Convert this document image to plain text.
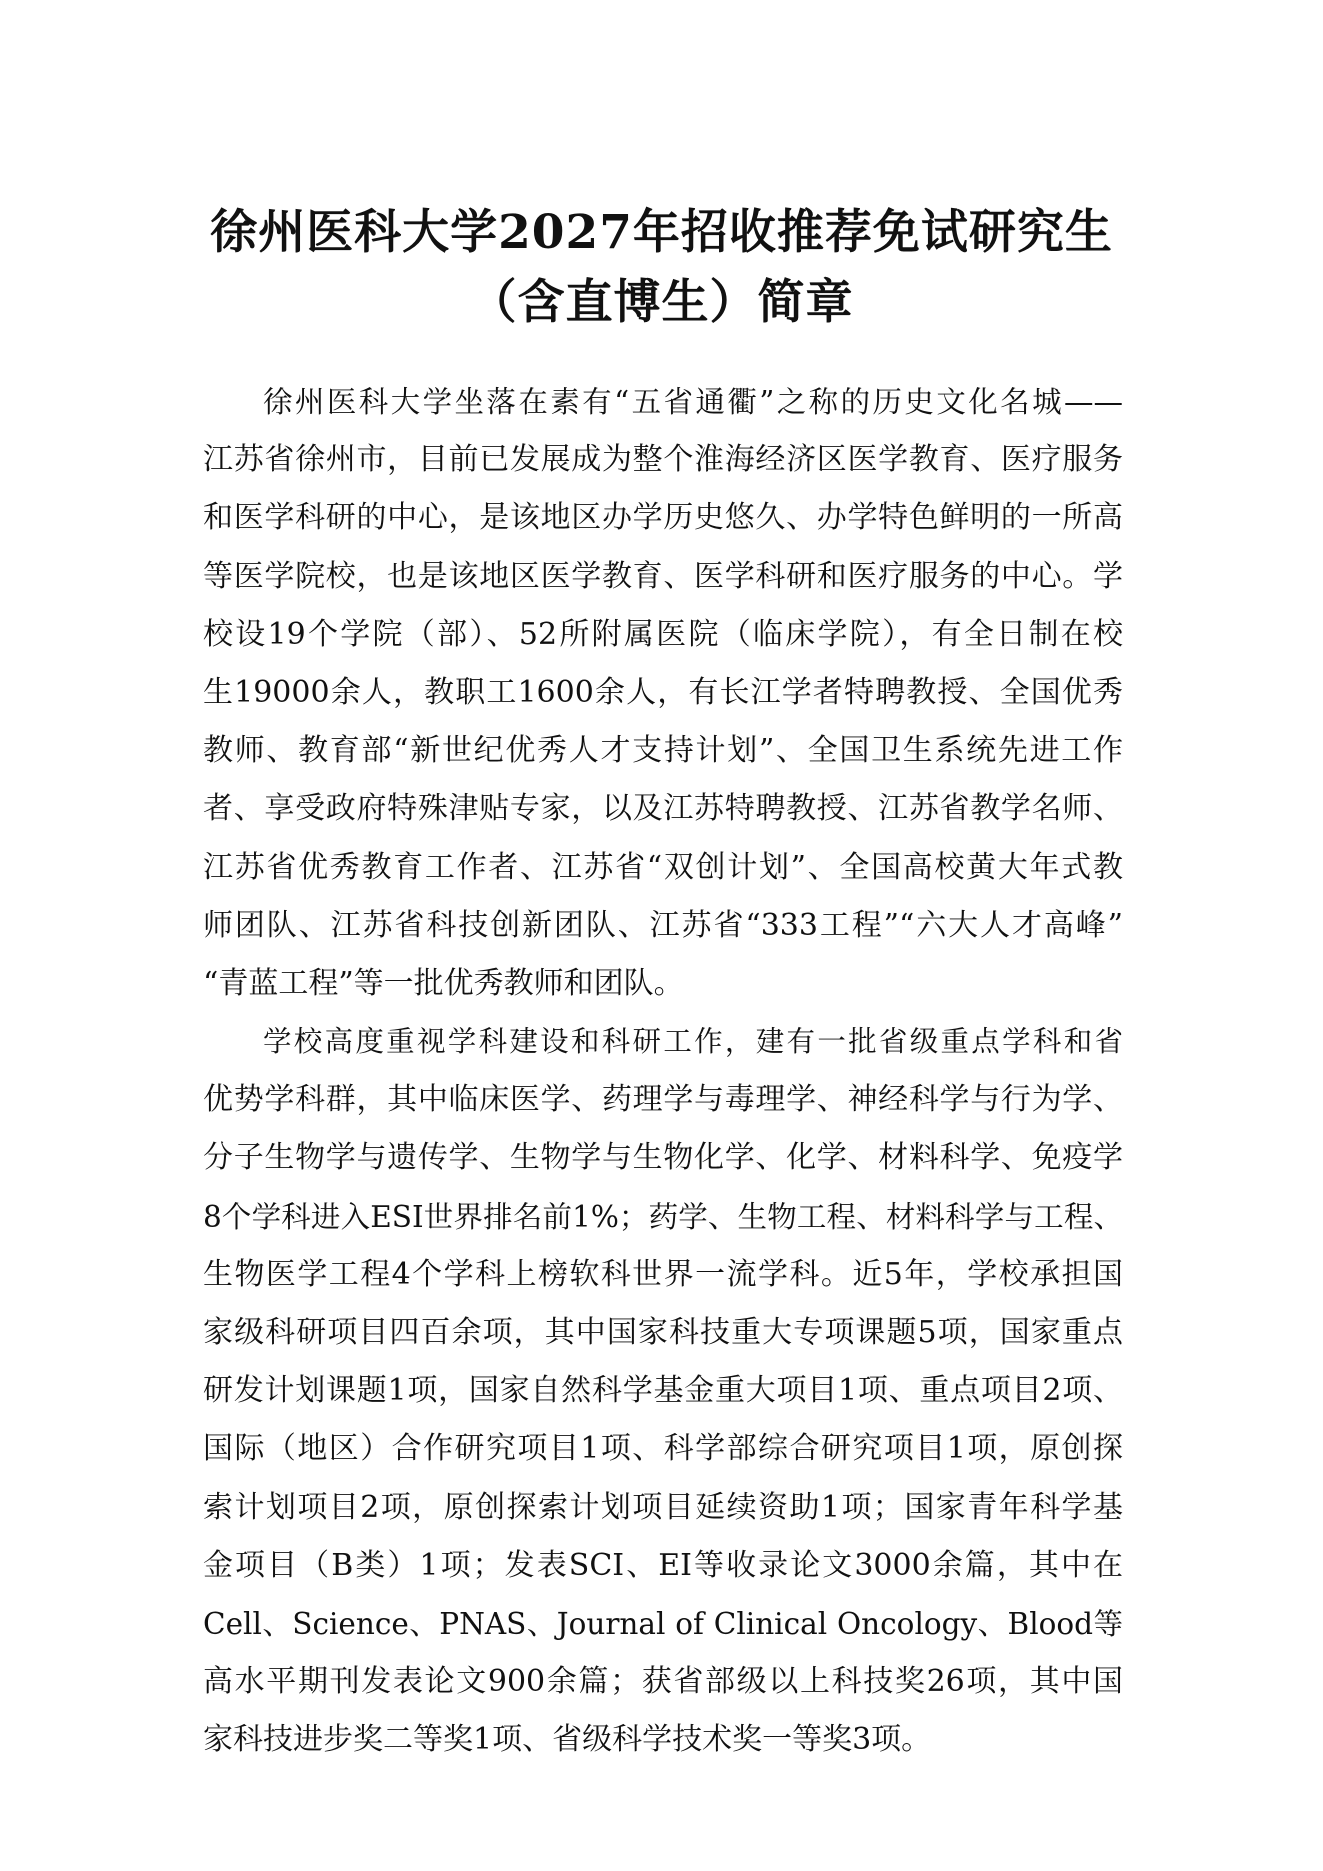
徐州医科大学2027年招收推荐免试研究生
（含直博生）简章
徐州医科大学坐落在素有“五省通衢”之称的历史文化名城——
江苏省徐州市，目前已发展成为整个淮海经济区医学教育、医疗服务
和医学科研的中心，是该地区办学历史悠久、办学特色鲜明的一所高
等医学院校，也是该地区医学教育、医学科研和医疗服务的中心。学
校设19个学院（部）、52所附属医院（临床学院），有全日制在校
生19000余人，教职工1600余人，有长江学者特聘教授、全国优秀
教师、教育部“新世纪优秀人才支持计划”、全国卫生系统先进工作
者、享受政府特殊津贴专家，以及江苏特聘教授、江苏省教学名师、
江苏省优秀教育工作者、江苏省“双创计划”、全国高校黄大年式教
师团队、江苏省科技创新团队、江苏省“333工程”“六大人才高峰”
“青蓝工程”等一批优秀教师和团队。
学校高度重视学科建设和科研工作，建有一批省级重点学科和省
优势学科群，其中临床医学、药理学与毒理学、神经科学与行为学、
分子生物学与遗传学、生物学与生物化学、化学、材料科学、免疫学
8个学科进入ESI世界排名前1%；药学、生物工程、材料科学与工程、
生物医学工程4个学科上榜软科世界一流学科。近5年，学校承担国
家级科研项目四百余项，其中国家科技重大专项课题5项，国家重点
研发计划课题1项，国家自然科学基金重大项目1项、重点项目2项、
国际（地区）合作研究项目1项、科学部综合研究项目1项，原创探
索计划项目2项，原创探索计划项目延续资助1项；国家青年科学基
金项目（B类）1项；发表SCI、EI等收录论文3000余篇，其中在
Cell、Science、PNAS、Journal of Clinical Oncology、Blood等
高水平期刊发表论文900余篇；获省部级以上科技奖26项，其中国
家科技进步奖二等奖1项、省级科学技术奖一等奖3项。
